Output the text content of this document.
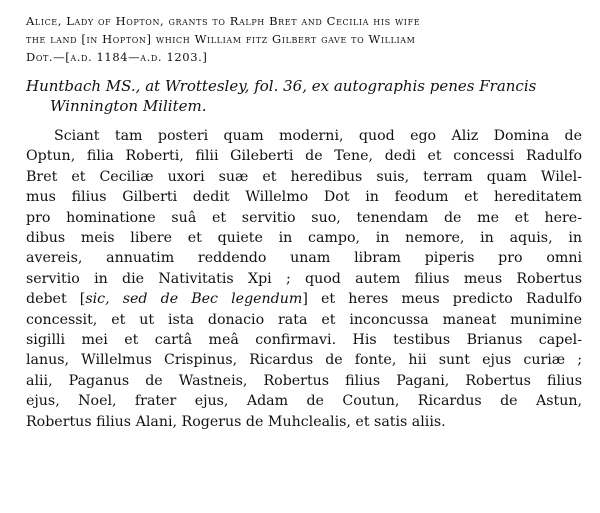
Alice, Lady of Hopton, grants to Ralph Bret and Cecilia his wife
the land [in Hopton] which William fitz Gilbert gave to William
Dot.—[a.d. 1184—a.d. 1203.]
Huntbach MS., at Wrottesley, fol. 36, ex autographis penes Francis
Winnington Militem.
Sciant tam posteri quam moderni, quod ego Aliz Domina de
Optun, filia Roberti, filii Gileberti de Tene, dedi et concessi Radulfo
Bret et Ceciliæ uxori suæ et heredibus suis, terram quam Wilel-
mus filius Gilberti dedit Willelmo Dot in feodum et hereditatem
pro hominatione suâ et servitio suo, tenendam de me et here-
dibus meis libere et quiete in campo, in nemore, in aquis, in
avereis, annuatim reddendo unam libram piperis pro omni
servitio in die Nativitatis Xpi ; quod autem filius meus Robertus
debet [sic, sed de Bec legendum] et heres meus predicto Radulfo
concessit, et ut ista donacio rata et inconcussa maneat munimine
sigilli mei et cartâ meâ confirmavi. His testibus Brianus capel-
lanus, Willelmus Crispinus, Ricardus de fonte, hii sunt ejus curiæ ;
alii, Paganus de Wastneis, Robertus filius Pagani, Robertus filius
ejus, Noel, frater ejus, Adam de Coutun, Ricardus de Astun,
Robertus filius Alani, Rogerus de Muhclealis, et satis aliis.
